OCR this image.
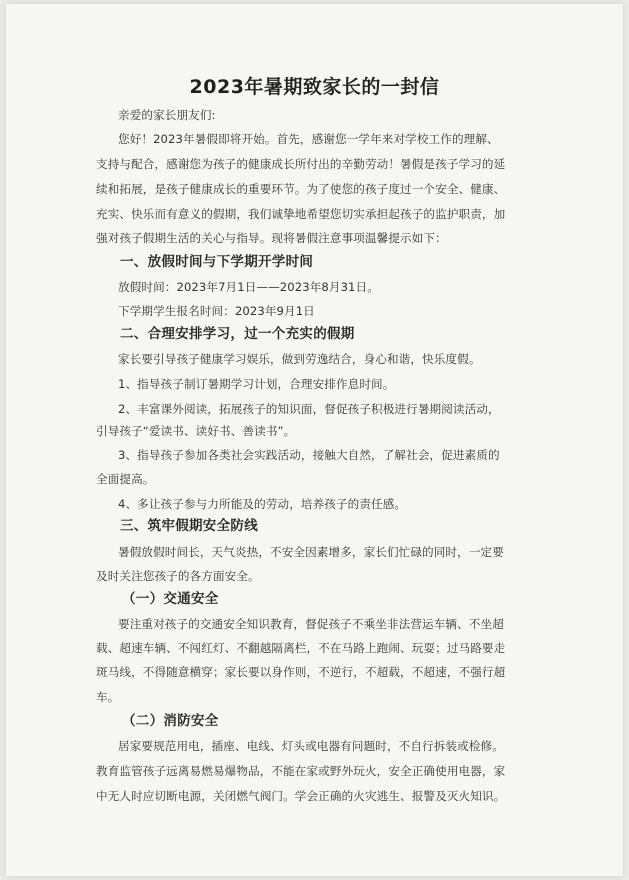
2023年暑期致家长的一封信
亲爱的家长朋友们:
您好！2023年暑假即将开始。首先，感谢您一学年来对学校工作的理解、
支持与配合，感谢您为孩子的健康成长所付出的辛勤劳动！暑假是孩子学习的延
续和拓展，是孩子健康成长的重要环节。为了使您的孩子度过一个安全、健康、
充实、快乐而有意义的假期，我们诚挚地希望您切实承担起孩子的监护职责，加
强对孩子假期生活的关心与指导。现将暑假注意事项温馨提示如下：
一、放假时间与下学期开学时间
放假时间：2023年7月1日——2023年8月31日。
下学期学生报名时间：2023年9月1日
二、合理安排学习，过一个充实的假期
家长要引导孩子健康学习娱乐，做到劳逸结合，身心和谐，快乐度假。
1、指导孩子制订暑期学习计划，合理安排作息时间。
2、丰富课外阅读，拓展孩子的知识面，督促孩子积极进行暑期阅读活动，
引导孩子“爱读书、读好书、善读书”。
3、指导孩子参加各类社会实践活动，接触大自然，了解社会，促进素质的
全面提高。
4、多让孩子参与力所能及的劳动，培养孩子的责任感。
三、筑牢假期安全防线
暑假放假时间长，天气炎热，不安全因素增多，家长们忙碌的同时，一定要
及时关注您孩子的各方面安全。
（一）交通安全
要注重对孩子的交通安全知识教育，督促孩子不乘坐非法营运车辆、不坐超
载、超速车辆、不闯红灯、不翻越隔离栏，不在马路上跑闹、玩耍；过马路要走
斑马线，不得随意横穿；家长要以身作则，不逆行，不超载，不超速，不强行超
车。
（二）消防安全
居家要规范用电，插座、电线、灯头或电器有问题时，不自行拆装或检修。
教育监管孩子远离易燃易爆物品，不能在家或野外玩火，安全正确使用电器，家
中无人时应切断电源，关闭燃气阀门。学会正确的火灾逃生、报警及灭火知识。
